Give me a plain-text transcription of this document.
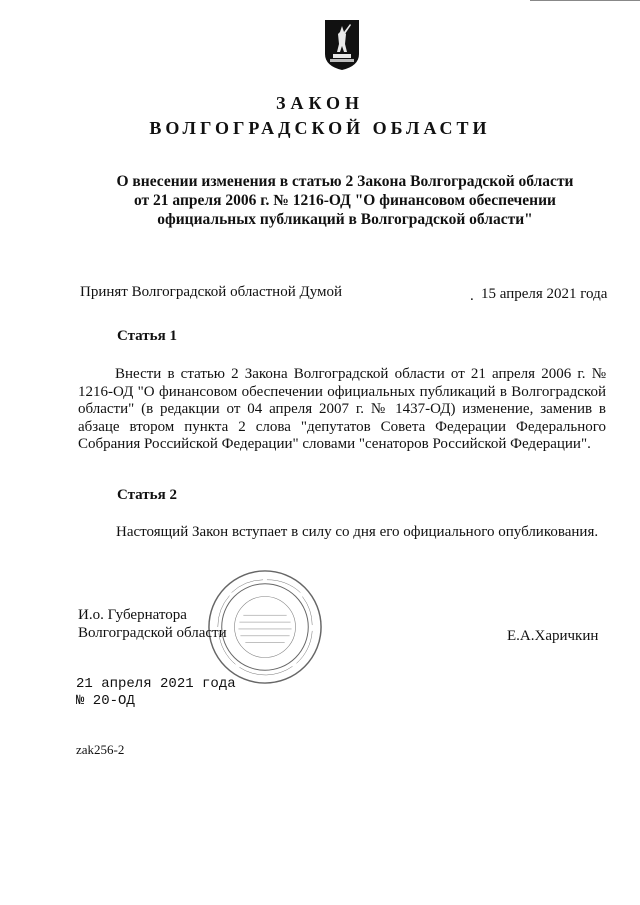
ЗАКОН
ВОЛГОГРАДСКОЙ ОБЛАСТИ
О внесении изменения в статью 2 Закона Волгоградской области
от 21 апреля 2006 г. № 1216-ОД "О финансовом обеспечении
официальных публикаций в Волгоградской области"
Принят Волгоградской областной Думой	. 15 апреля 2021 года
Статья 1
Внести в статью 2 Закона Волгоградской области от 21 апреля 2006 г. № 1216-ОД "О финансовом обеспечении официальных публикаций в Волгоградской области" (в редакции от 04 апреля 2007 г. № 1437-ОД) изменение, заменив в абзаце втором пункта 2 слова "депутатов Совета Федерации Федерального Собрания Российской Федерации" словами "сенаторов Российской Федерации".
Статья 2
Настоящий Закон вступает в силу со дня его официального опубликования.
И.о. Губернатора
Волгоградской области	Е.А.Харичкин
21 апреля 2021 года
№ 20-ОД
zak256-2
